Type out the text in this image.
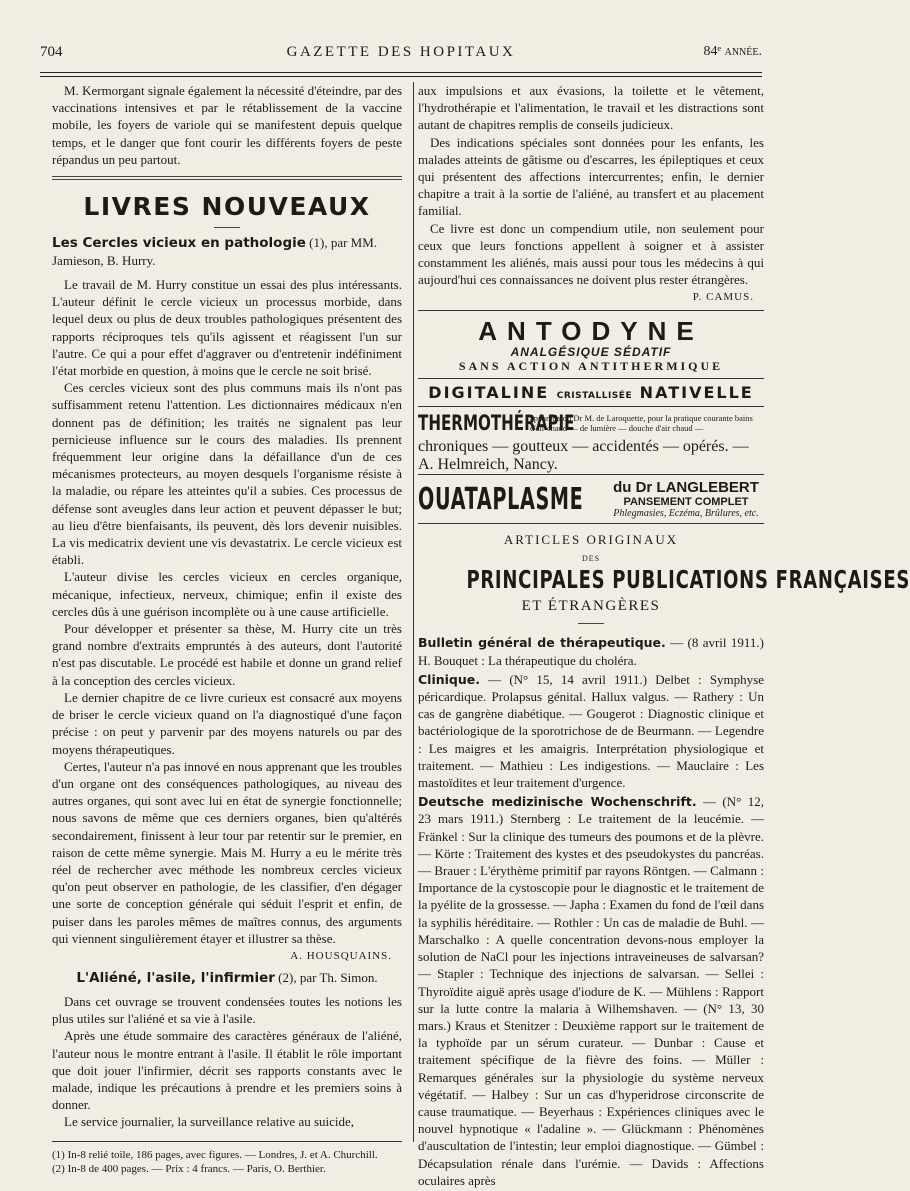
704	GAZETTE DES HOPITAUX	84ᵉ année.

M. Kermorgant signale également la nécessité d'éteindre, par des vaccinations intensives et par le rétablissement de la vaccine mobile, les foyers de variole qui se manifestent depuis quelque temps, et le danger que font courir les différents foyers de peste répandus un peu partout.

LIVRES NOUVEAUX

Les Cercles vicieux en pathologie (1), par MM. Jamieson, B. Hurry.

Le travail de M. Hurry constitue un essai des plus intéressants. L'auteur définit le cercle vicieux un processus morbide, dans lequel deux ou plus de deux troubles pathologiques présentent des rapports réciproques tels qu'ils agissent et réagissent l'un sur l'autre. Ce qui a pour effet d'aggraver ou d'entretenir indéfiniment l'état morbide en question, à moins que le cercle ne soit brisé.

Ces cercles vicieux sont des plus communs mais ils n'ont pas suffisamment retenu l'attention. Les dictionnaires médicaux n'en donnent pas de définition; les traités ne signalent pas leur pernicieuse influence sur le cours des maladies. Ils prennent fréquemment leur origine dans la défaillance d'un de ces mécanismes protecteurs, au moyen desquels l'organisme résiste à la maladie, ou répare les atteintes qu'il a subies. Ces processus de défense sont aveugles dans leur action et peuvent dépasser le but; au lieu d'être bienfaisants, ils peuvent, dès lors devenir nuisibles. La vis medicatrix devient une vis devastatrix. Le cercle vicieux est établi.

L'auteur divise les cercles vicieux en cercles organique, mécanique, infectieux, nerveux, chimique; enfin il existe des cercles dûs à une guérison incomplète ou à une cause artificielle.

Pour développer et présenter sa thèse, M. Hurry cite un très grand nombre d'extraits empruntés à des auteurs, dont l'autorité n'est pas discutable. Le procédé est habile et donne un grand relief à la conception des cercles vicieux.

Le dernier chapitre de ce livre curieux est consacré aux moyens de briser le cercle vicieux quand on l'a diagnostiqué d'une façon précise : on peut y parvenir par des moyens naturels ou par des moyens thérapeutiques.

Certes, l'auteur n'a pas innové en nous apprenant que les troubles d'un organe ont des conséquences pathologiques, au niveau des autres organes, qui sont avec lui en état de synergie fonctionnelle; nous savons de même que ces derniers organes, bien qu'altérés secondairement, finissent à leur tour par retentir sur le premier, en raison de cette même synergie. Mais M. Hurry a eu le mérite très réel de rechercher avec méthode les nombreux cercles vicieux qu'on peut observer en pathologie, de les classifier, d'en dégager une sorte de conception générale qui séduit l'esprit et enfin, de puiser dans les paroles mêmes de maîtres connus, des arguments qui viennent singulièrement étayer et illustrer sa thèse.

A. HOUSQUAINS.

L'Aliéné, l'asile, l'infirmier (2), par Th. Simon.

Dans cet ouvrage se trouvent condensées toutes les notions les plus utiles sur l'aliéné et sa vie à l'asile.

Après une étude sommaire des caractères généraux de l'aliéné, l'auteur nous le montre entrant à l'asile. Il établit le rôle important que doit jouer l'infirmier, décrit ses rapports constants avec le malade, indique les précautions à prendre et les premiers soins à donner.

Le service journalier, la surveillance relative au suicide,

(1) In-8 relié toile, 186 pages, avec figures. — Londres, J. et A. Churchill.

(2) In-8 de 400 pages. — Prix : 4 francs. — Paris, O. Berthier.

aux impulsions et aux évasions, la toilette et le vêtement, l'hydrothérapie et l'alimentation, le travail et les distractions sont autant de chapitres remplis de conseils judicieux.

Des indications spéciales sont données pour les enfants, les malades atteints de gâtisme ou d'escarres, les épileptiques et ceux qui présentent des affections intercurrentes; enfin, le dernier chapitre a trait à la sortie de l'aliéné, au transfert et au placement familial.

Ce livre est donc un compendium utile, non seulement pour ceux que leurs fonctions appellent à soigner et à assister constamment les aliénés, mais aussi pour tous les médecins à qui aujourd'hui ces connaissances ne doivent plus rester étrangères.

P. CAMUS.
ANTODYNE
ANALGÉSIQUE SÉDATIF
SANS ACTION ANTITHERMIQUE
DIGITALINE CRISTALLISÉE NATIVELLE
THERMOTHÉRAPIE
appareils du Dr M. de Laroquette, pour la pratique courante bains d'air chaud — de lumière — douche d'air chaud —
chroniques — goutteux — accidentés — opérés. — A. Helmreich, Nancy.
OUATAPLASME	du Dr LANGLEBERT
PANSEMENT COMPLET
Phlegmasies, Eczéma, Brûlures, etc.
ARTICLES ORIGINAUX
DES
PRINCIPALES PUBLICATIONS FRANÇAISES
ET ÉTRANGÈRES

Bulletin général de thérapeutique. — (8 avril 1911.) H. Bouquet : La thérapeutique du choléra.

Clinique. — (N° 15, 14 avril 1911.) Delbet : Symphyse péricardique. Prolapsus génital. Hallux valgus. — Rathery : Un cas de gangrène diabétique. — Gougerot : Diagnostic clinique et bactériologique de la sporotrichose de de Beurmann. — Legendre : Les maigres et les amaigris. Interprétation physiologique et traitement. — Mathieu : Les indigestions. — Mauclaire : Les mastoïdites et leur traitement d'urgence.

Deutsche medizinische Wochenschrift. — (N° 12, 23 mars 1911.) Sternberg : Le traitement de la leucémie. — Fränkel : Sur la clinique des tumeurs des poumons et de la plèvre. — Körte : Traitement des kystes et des pseudokystes du pancréas. — Brauer : L'érythème primitif par rayons Röntgen. — Calmann : Importance de la cystoscopie pour le diagnostic et le traitement de la pyélite de la grossesse. — Japha : Examen du fond de l'œil dans la syphilis héréditaire. — Rothler : Un cas de maladie de Buhl. — Marschalko : A quelle concentration devons-nous employer la solution de NaCl pour les injections intraveineuses de salvarsan? — Stapler : Technique des injections de salvarsan. — Sellei : Thyroïdite aiguë après usage d'iodure de K. — Mühlens : Rapport sur la lutte contre la malaria à Wilhemshaven. — (N° 13, 30 mars.) Kraus et Stenitzer : Deuxième rapport sur le traitement de la typhoïde par un sérum curateur. — Dunbar : Cause et traitement spécifique de la fièvre des foins. — Müller : Remarques générales sur la physiologie du système nerveux végétatif. — Halbey : Sur un cas d'hyperidrose circonscrite de cause traumatique. — Beyerhaus : Expériences cliniques avec le nouvel hypnotique « l'adaline ». — Glückmann : Phénomènes d'auscultation de l'intestin; leur emploi diagnostique. — Gümbel : Décapsulation rénale dans l'urémie. — Davids : Affections oculaires après
